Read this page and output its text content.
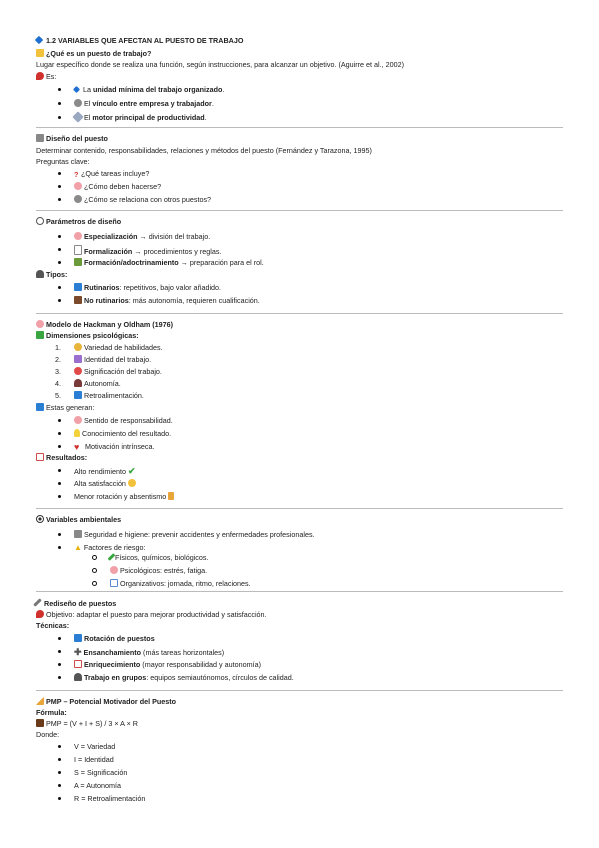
1.2 VARIABLES QUE AFECTAN AL PUESTO DE TRABAJO
¿Qué es un puesto de trabajo?
Lugar específico donde se realiza una función, según instrucciones, para alcanzar un objetivo. (Aguirre et al., 2002)
Es:
La unidad mínima del trabajo organizado.
El vínculo entre empresa y trabajador.
El motor principal de productividad.
Diseño del puesto
Determinar contenido, responsabilidades, relaciones y métodos del puesto (Fernández y Tarazona, 1995)
Preguntas clave:
? ¿Qué tareas incluye?
¿Cómo deben hacerse?
¿Cómo se relaciona con otros puestos?
Parámetros de diseño
Especialización → división del trabajo.
Formalización → procedimientos y reglas.
Formación/adoctrinamiento → preparación para el rol.
Tipos:
Rutinarios: repetitivos, bajo valor añadido.
No rutinarios: más autonomía, requieren cualificación.
Modelo de Hackman y Oldham (1976)
Dimensiones psicológicas:
1.	Variedad de habilidades.
2.	Identidad del trabajo.
3.	Significación del trabajo.
4.	Autonomía.
5.	Retroalimentación.
Estas generan:
Sentido de responsabilidad.
Conocimiento del resultado.
♥ Motivación intrínseca.
Resultados:
Alto rendimiento ✔
Alta satisfacción
Menor rotación y absentismo
Variables ambientales
Seguridad e higiene: prevenir accidentes y enfermedades profesionales.
▲ Factores de riesgo:
Físicos, químicos, biológicos.
Psicológicos: estrés, fatiga.
Organizativos: jornada, ritmo, relaciones.
Rediseño de puestos
Objetivo: adaptar el puesto para mejorar productividad y satisfacción.
Técnicas:
Rotación de puestos
✚ Ensanchamiento (más tareas horizontales)
Enriquecimiento (mayor responsabilidad y autonomía)
Trabajo en grupos: equipos semiautónomos, círculos de calidad.
PMP – Potencial Motivador del Puesto
Fórmula:
PMP = (V + I + S) / 3 × A × R
Donde:
V = Variedad
I = Identidad
S = Significación
A = Autonomía
R = Retroalimentación
